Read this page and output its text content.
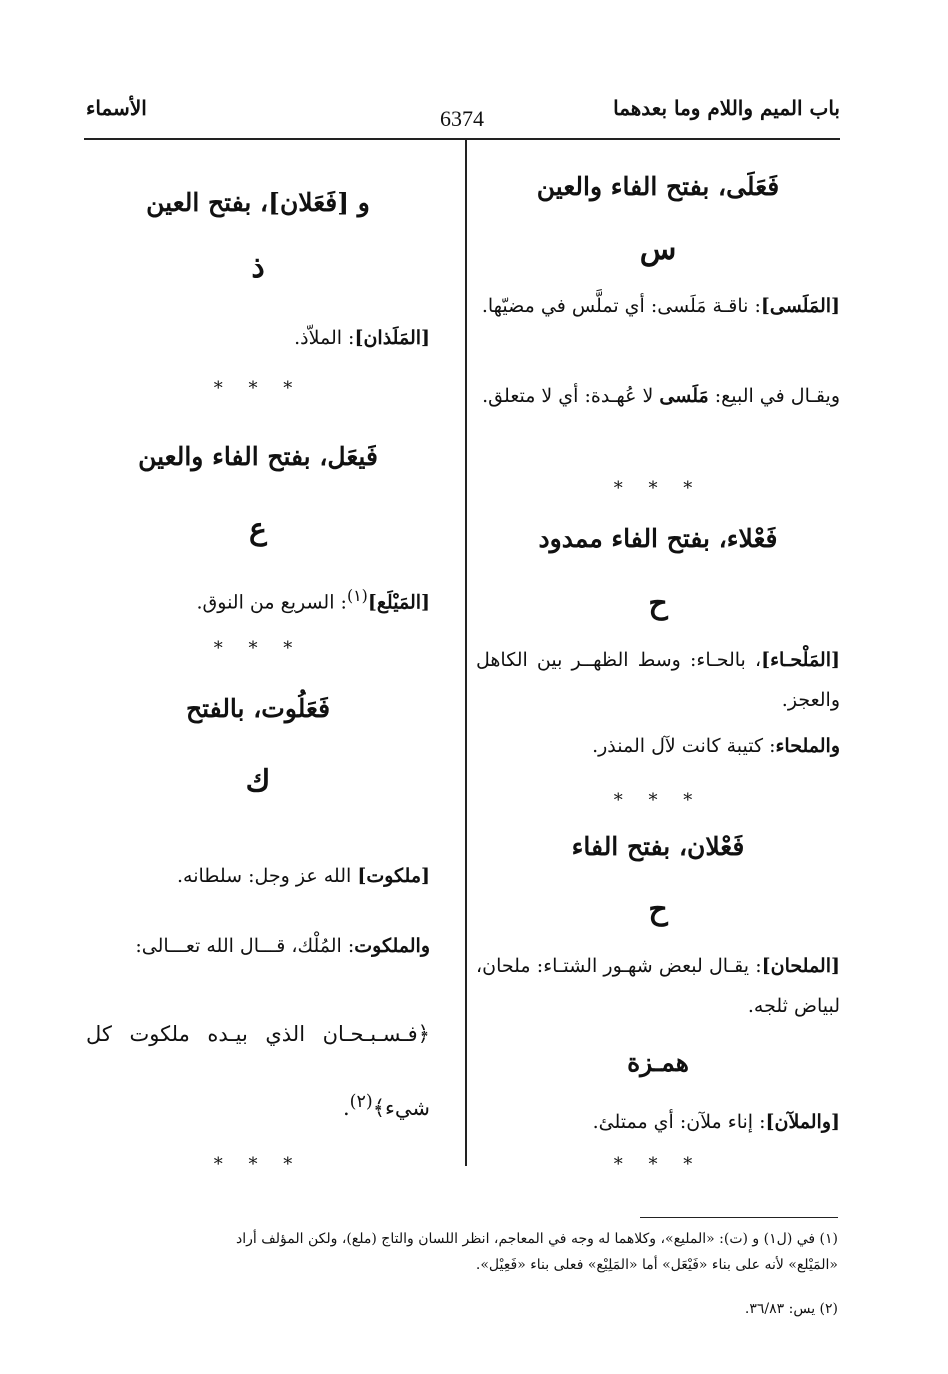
باب الميم واللام وما بعدهما
6374
الأسماء
فَعَلَى، بفتح الفاء والعين
س
[المَلَسى]: ناقـة مَلَسى: أي تملَّس في مضيّها.
ويقـال في البيع: مَلَسى لا عُهـدة: أي لا متعلق.
* * *
فَعْلاء، بفتح الفاء ممدود
ح
[المَلْحـاء]، بالحـاء: وسط الظهــر بين الكاهل والعجز.
والملحاء: كتيبة كانت لآل المنذر.
* * *
فَعْلان، بفتح الفاء
ح
[الملحان]: يقـال لبعض شهـور الشتـاء: ملحان، لبياض ثلجه.
همـزة
[والملآن]: إناء ملآن: أي ممتلئ.
* * *
و [فَعَلان]، بفتح العين
ذ
[المَلَذان]: الملاّذ.
* * *
فَيعَل، بفتح الفاء والعين
ع
[المَيْلَع]$^{(١)}$: السريع من النوق.
* * *
فَعَلُوت، بالفتح
ك
[ملكوت] الله عز وجل: سلطانه.
والملكوت: المُلْك، قـــال الله تعـــالى:
﴿فـسـبـحـان الذي بيـده ملكوت كل شيء﴾$^{(٢)}$.
* * *
(١) في (ل١) و (ت): «المليع»، وكلاهما له وجه في المعاجم، انظر اللسان والتاج (ملع)، ولكن المؤلف أراد
«المَيْلع» لأنه على بناء «فَيْعَل» أما «المَلِيْع» فعلى بناء «فَعِيْل».
(٢) يس: ٣٦/٨٣.
